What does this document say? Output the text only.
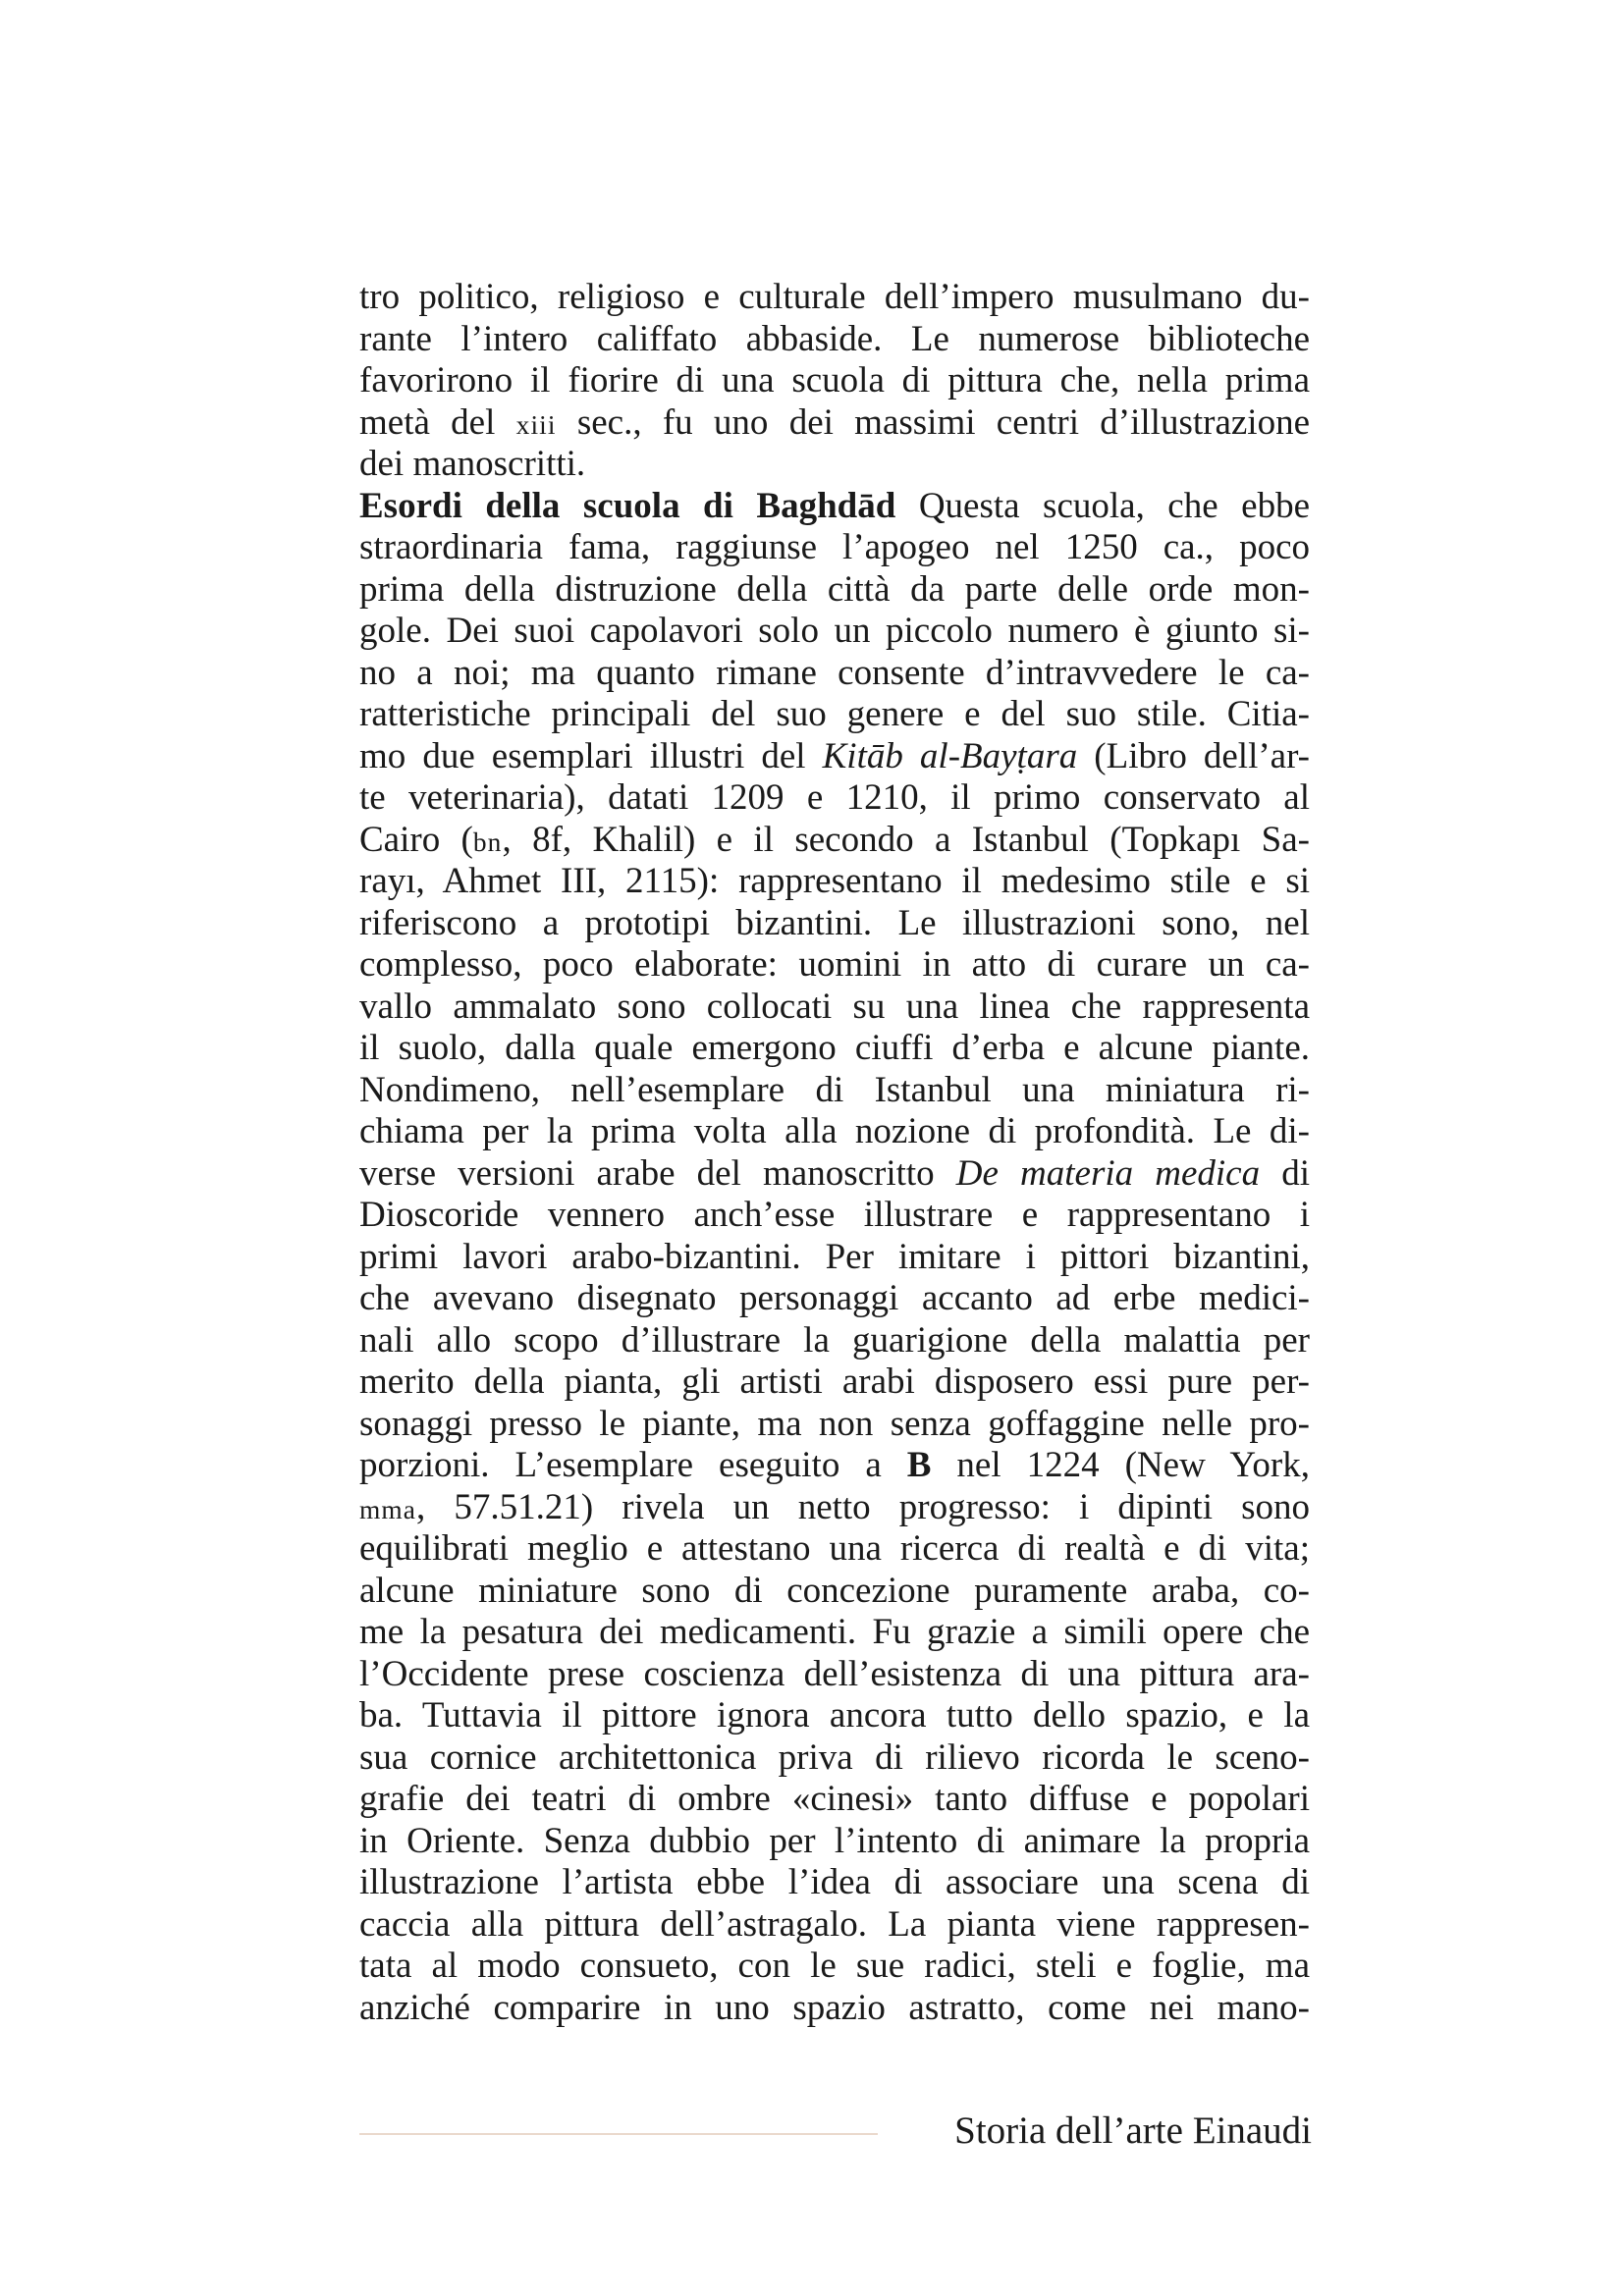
tro politico, religioso e culturale dell’impero musulmano du-
rante l’intero califfato abbaside. Le numerose biblioteche
favorirono il fiorire di una scuola di pittura che, nella prima
metà del xiii sec., fu uno dei massimi centri d’illustrazione
dei manoscritti.
Esordi della scuola di Baghdād Questa scuola, che ebbe
straordinaria fama, raggiunse l’apogeo nel 1250 ca., poco
prima della distruzione della città da parte delle orde mon-
gole. Dei suoi capolavori solo un piccolo numero è giunto si-
no a noi; ma quanto rimane consente d’intravvedere le ca-
ratteristiche principali del suo genere e del suo stile. Citia-
mo due esemplari illustri del Kitāb al-Bayṭara (Libro dell’ar-
te veterinaria), datati 1209 e 1210, il primo conservato al
Cairo (bn, 8f, Khalil) e il secondo a Istanbul (Topkapı Sa-
rayı, Ahmet III, 2115): rappresentano il medesimo stile e si
riferiscono a prototipi bizantini. Le illustrazioni sono, nel
complesso, poco elaborate: uomini in atto di curare un ca-
vallo ammalato sono collocati su una linea che rappresenta
il suolo, dalla quale emergono ciuffi d’erba e alcune piante.
Nondimeno, nell’esemplare di Istanbul una miniatura ri-
chiama per la prima volta alla nozione di profondità. Le di-
verse versioni arabe del manoscritto De materia medica di
Dioscoride vennero anch’esse illustrare e rappresentano i
primi lavori arabo-bizantini. Per imitare i pittori bizantini,
che avevano disegnato personaggi accanto ad erbe medici-
nali allo scopo d’illustrare la guarigione della malattia per
merito della pianta, gli artisti arabi disposero essi pure per-
sonaggi presso le piante, ma non senza goffaggine nelle pro-
porzioni. L’esemplare eseguito a B nel 1224 (New York,
mma, 57.51.21) rivela un netto progresso: i dipinti sono
equilibrati meglio e attestano una ricerca di realtà e di vita;
alcune miniature sono di concezione puramente araba, co-
me la pesatura dei medicamenti. Fu grazie a simili opere che
l’Occidente prese coscienza dell’esistenza di una pittura ara-
ba. Tuttavia il pittore ignora ancora tutto dello spazio, e la
sua cornice architettonica priva di rilievo ricorda le sceno-
grafie dei teatri di ombre «cinesi» tanto diffuse e popolari
in Oriente. Senza dubbio per l’intento di animare la propria
illustrazione l’artista ebbe l’idea di associare una scena di
caccia alla pittura dell’astragalo. La pianta viene rappresen-
tata al modo consueto, con le sue radici, steli e foglie, ma
anziché comparire in uno spazio astratto, come nei mano-
Storia dell’arte Einaudi
